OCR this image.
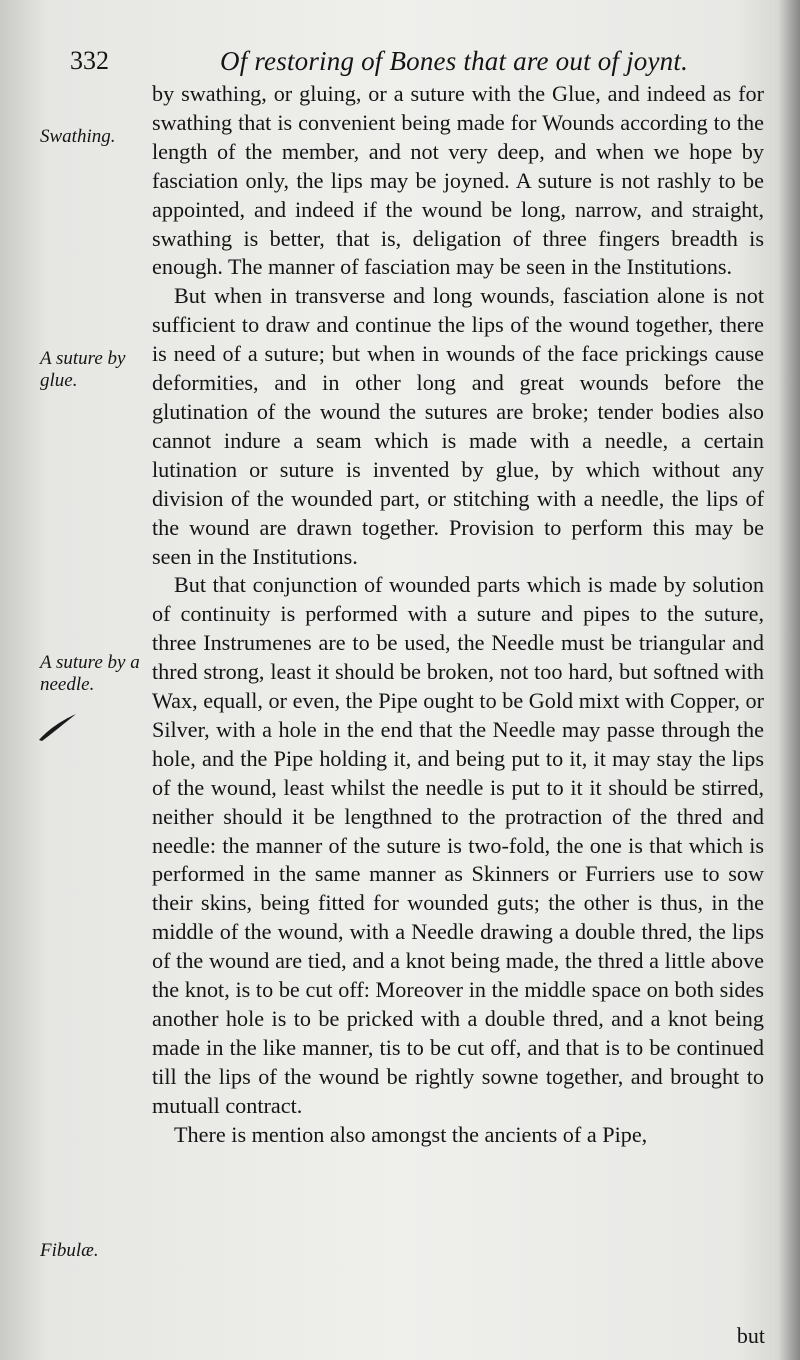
332	Of restoring of Bones that are out of joynt.
Swathing.
A suture by glue.
A suture by a needle.
Fibulæ.

by swathing, or gluing, or a suture with the Glue, and indeed as for swathing that is convenient being made for Wounds according to the length of the member, and not very deep, and when we hope by fasciation only, the lips may be joyned. A suture is not rashly to be appointed, and indeed if the wound be long, narrow, and straight, swathing is better, that is, deligation of three fingers breadth is enough. The manner of fasciation may be seen in the Institutions.

But when in transverse and long wounds, fasciation alone is not sufficient to draw and continue the lips of the wound together, there is need of a suture; but when in wounds of the face prickings cause deformities, and in other long and great wounds before the glutination of the wound the sutures are broke; tender bodies also cannot indure a seam which is made with a needle, a certain lutination or suture is invented by glue, by which without any division of the wounded part, or stitching with a needle, the lips of the wound are drawn together. Provision to perform this may be seen in the Institutions.

But that conjunction of wounded parts which is made by solution of continuity is performed with a suture and pipes to the suture, three Instrumenes are to be used, the Needle must be triangular and thred strong, least it should be broken, not too hard, but softned with Wax, equall, or even, the Pipe ought to be Gold mixt with Copper, or Silver, with a hole in the end that the Needle may passe through the hole, and the Pipe holding it, and being put to it, it may stay the lips of the wound, least whilst the needle is put to it it should be stirred, neither should it be lengthned to the protraction of the thred and needle: the manner of the suture is two-fold, the one is that which is performed in the same manner as Skinners or Furriers use to sow their skins, being fitted for wounded guts; the other is thus, in the middle of the wound, with a Needle drawing a double thred, the lips of the wound are tied, and a knot being made, the thred a little above the knot, is to be cut off: Moreover in the middle space on both sides another hole is to be pricked with a double thred, and a knot being made in the like manner, tis to be cut off, and that is to be continued till the lips of the wound be rightly sowne together, and brought to mutuall contract.

There is mention also amongst the ancients of a Pipe,

but
